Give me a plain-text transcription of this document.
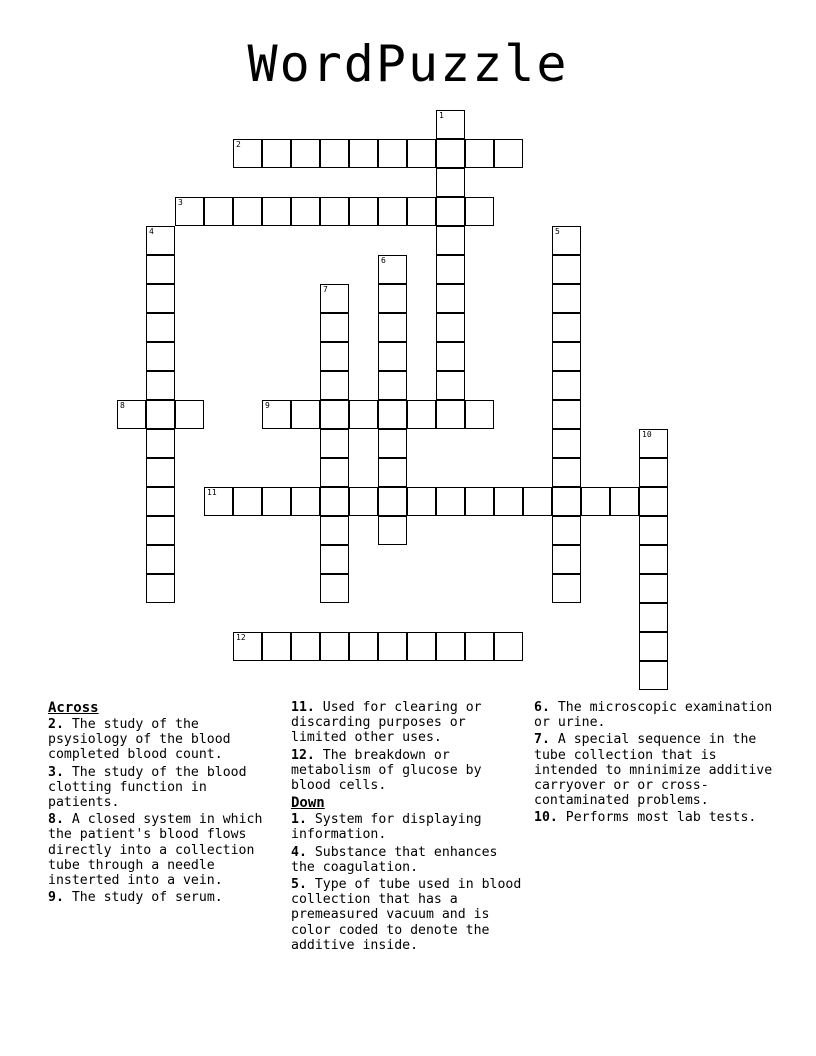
WordPuzzle
1
2
3
4	5
6
7
8	9
10
11
12
Across
2. The study of the psysiology of the blood completed blood count.
3. The study of the blood clotting function in patients.
8. A closed system in which the patient's blood flows directly into a collection tube through a needle insterted into a vein.
9. The study of serum.
11. Used for clearing or discarding purposes or limited other uses.
12. The breakdown or metabolism of glucose by blood cells.
Down
1. System for displaying information.
4. Substance that enhances the coagulation.
5. Type of tube used in blood collection that has a premeasured vacuum and is color coded to denote the additive inside.
6. The microscopic examination or urine.
7. A special sequence in the tube collection that is intended to mninimize additive carryover or or cross-contaminated problems.
10. Performs most lab tests.
